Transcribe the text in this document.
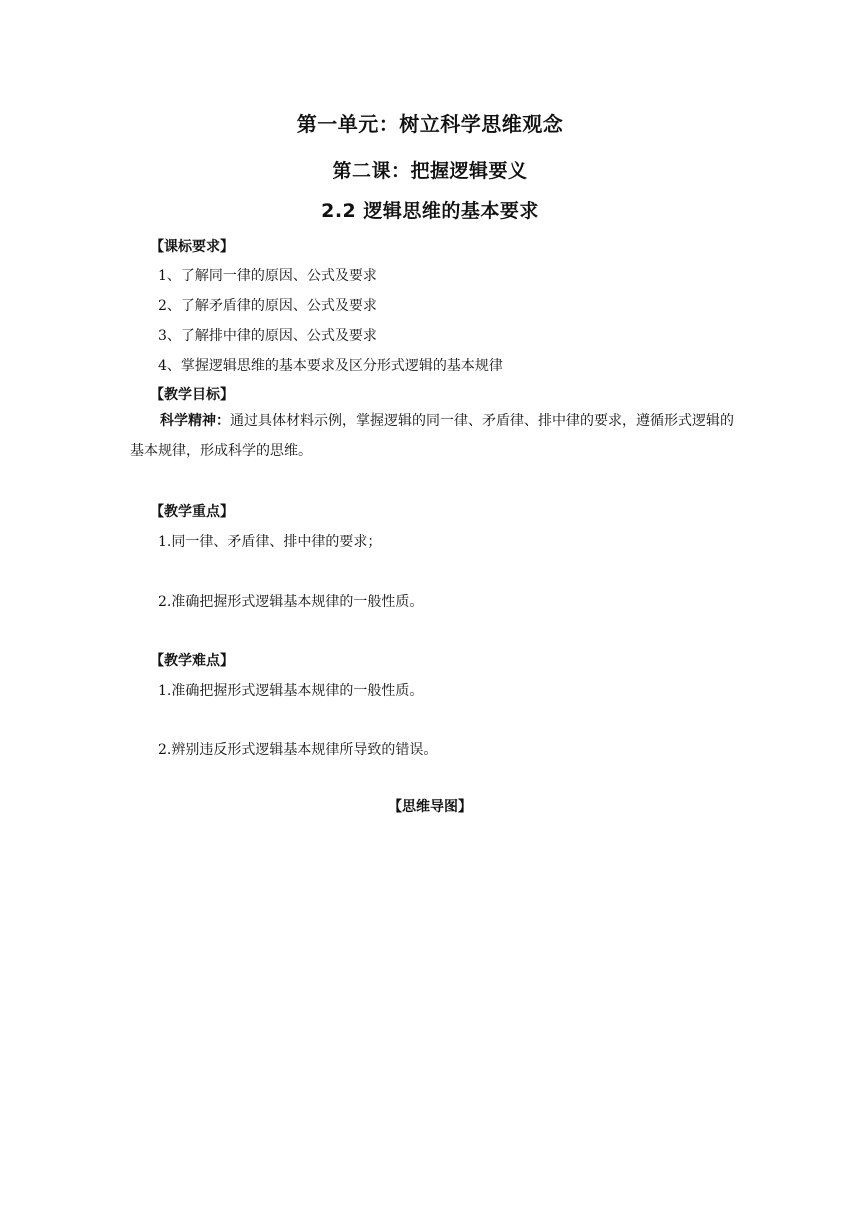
第一单元：树立科学思维观念
第二课：把握逻辑要义
2.2 逻辑思维的基本要求
【课标要求】
1、了解同一律的原因、公式及要求
2、了解矛盾律的原因、公式及要求
3、了解排中律的原因、公式及要求
4、掌握逻辑思维的基本要求及区分形式逻辑的基本规律
【教学目标】
科学精神：通过具体材料示例，掌握逻辑的同一律、矛盾律、排中律的要求，遵循形式逻辑的基本规律，形成科学的思维。
【教学重点】
1.同一律、矛盾律、排中律的要求；
2.准确把握形式逻辑基本规律的一般性质。
【教学难点】
1.准确把握形式逻辑基本规律的一般性质。
2.辨别违反形式逻辑基本规律所导致的错误。
【思维导图】
